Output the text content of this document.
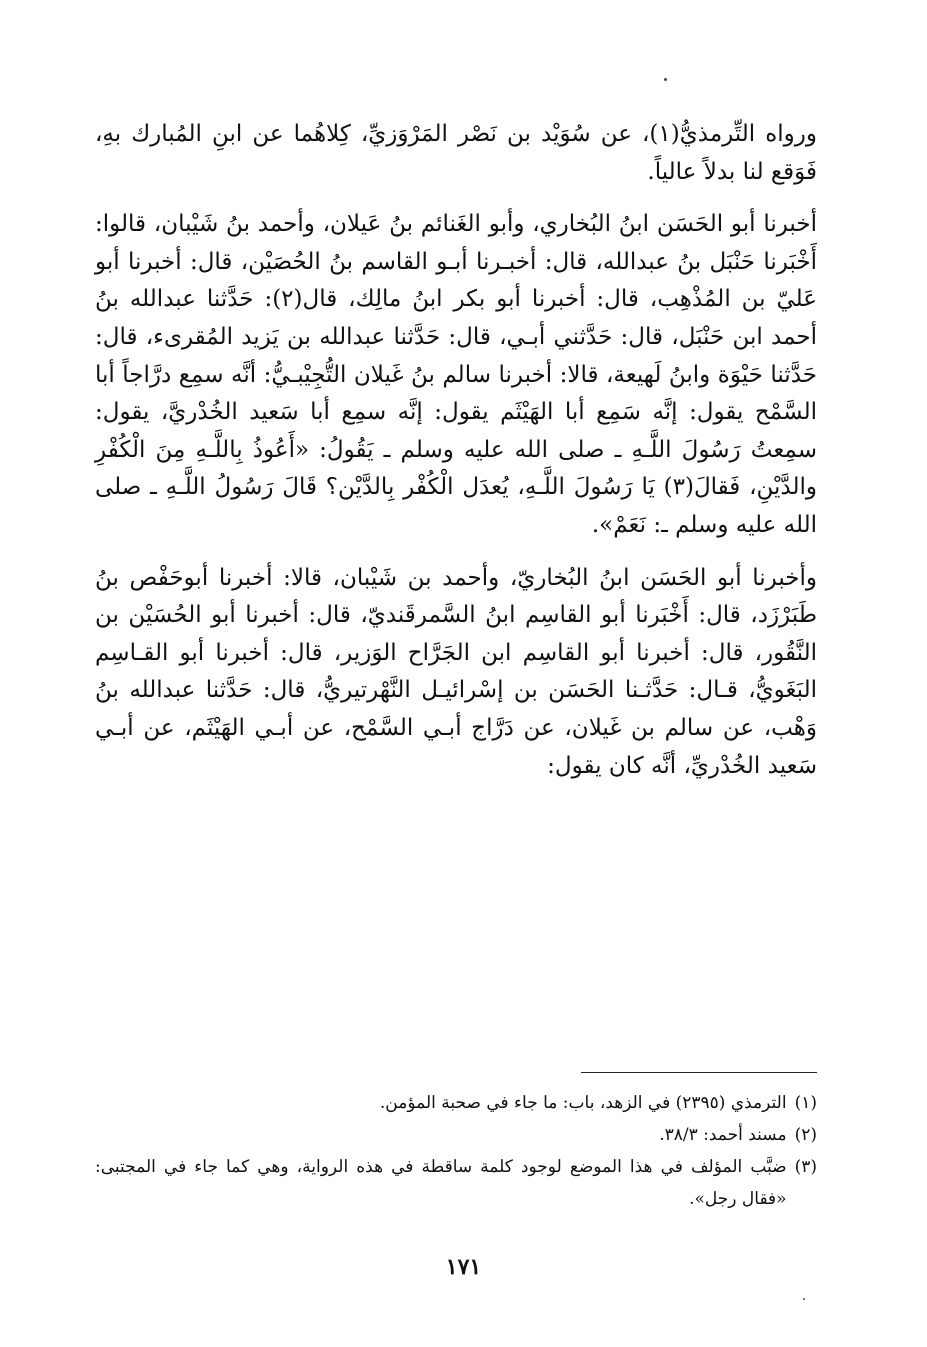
ورواه التِّرمذيُّ(١)، عن سُوَيْد بن نَصْر المَرْوَزيِّ، كِلاهُما عن ابنِ المُبارك بهِ، فَوَقع لنا بدلاً عالياً.

أخبرنا أبو الحَسَن ابنُ البُخاري، وأبو الغَنائم بنُ عَيلان، وأحمد بنُ شَيْبان، قالوا: أَخْبَرنا حَنْبَل بنُ عبدالله، قال: أخبـرنا أبـو القاسم بنُ الحُصَيْن، قال: أخبرنا أبو عَليّ بن المُذْهِب، قال: أخبرنا أبو بكر ابنُ مالِك، قال(٢): حَدَّثنا عبدالله بنُ أحمد ابن حَنْبَل، قال: حَدَّثني أبـي، قال: حَدَّثنا عبدالله بن يَزيد المُقرىء، قال: حَدَّثنا حَيْوَة وابنُ لَهيعة، قالا: أخبرنا سالم بنُ غَيلان التُّجِيْبـيُّ: أنَّه سمِع درَّاجاً أبا السَّمْح يقول: إنَّه سَمِع أبا الهَيْثَم يقول: إنَّه سمِع أبا سَعيد الخُدْريَّ، يقول: سمِعتُ رَسُولَ اللَّـهِ ـ صلى الله عليه وسلم ـ يَقُولُ: «أَعُوذُ بِاللَّـهِ مِنَ الْكُفْرِ والدَّيْنِ، فَقالَ(٣) يَا رَسُولَ اللَّـهِ، يُعدَل الْكُفْر بِالدَّيْن؟ قَالَ رَسُولُ اللَّـهِ ـ صلى الله عليه وسلم ـ: نَعَمْ».

وأخبرنا أبو الحَسَن ابنُ البُخاريّ، وأحمد بن شَيْبان، قالا: أخبرنا أبوحَفْص بنُ طَبَرْزَد، قال: أَخْبَرنا أبو القاسِم ابنُ السَّمرقَنديّ، قال: أخبرنا أبو الحُسَيْن بن النَّقُور، قال: أخبرنا أبو القاسِم ابن الجَرَّاح الوَزير، قال: أخبرنا أبو القـاسِم البَغَويُّ، قـال: حَدَّثـنا الحَسَن بن إسْرائيـل النَّهْرتيريُّ، قال: حَدَّثنا عبدالله بنُ وَهْب، عن سالم بن غَيلان، عن دَرَّاج أبـي السَّمْح، عن أبـي الهَيْثَم، عن أبـي سَعيد الخُدْريِّ، أنَّه كان يقول:

(١)
الترمذي (٢٣٩٥) في الزهد، باب: ما جاء في صحبة المؤمن.
(٢)
مسند أحمد: ٣٨/٣.
(٣)
ضبَّب المؤلف في هذا الموضع لوجود كلمة ساقطة في هذه الرواية، وهي كما جاء في المجتبى: «فقال رجل».
١٧١
